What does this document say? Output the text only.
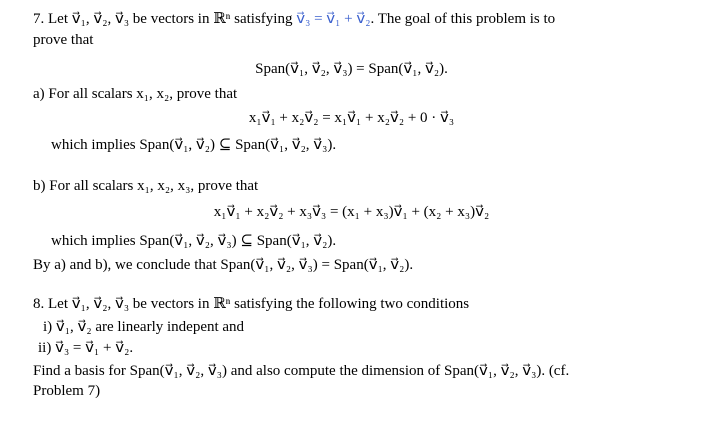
7. Let v⃗₁, v⃗₂, v⃗₃ be vectors in ℝⁿ satisfying v⃗₃ = v⃗₁ + v⃗₂. The goal of this problem is to
prove that
Span(v⃗₁, v⃗₂, v⃗₃) = Span(v⃗₁, v⃗₂).
a) For all scalars x₁, x₂, prove that
x₁v⃗₁ + x₂v⃗₂ = x₁v⃗₁ + x₂v⃗₂ + 0 · v⃗₃
which implies Span(v⃗₁, v⃗₂) ⊆ Span(v⃗₁, v⃗₂, v⃗₃).
b) For all scalars x₁, x₂, x₃, prove that
x₁v⃗₁ + x₂v⃗₂ + x₃v⃗₃ = (x₁ + x₃)v⃗₁ + (x₂ + x₃)v⃗₂
which implies Span(v⃗₁, v⃗₂, v⃗₃) ⊆ Span(v⃗₁, v⃗₂).
By a) and b), we conclude that Span(v⃗₁, v⃗₂, v⃗₃) = Span(v⃗₁, v⃗₂).
8. Let v⃗₁, v⃗₂, v⃗₃ be vectors in ℝⁿ satisfying the following two conditions
i) v⃗₁, v⃗₂ are linearly indepent and
ii) v⃗₃ = v⃗₁ + v⃗₂.
Find a basis for Span(v⃗₁, v⃗₂, v⃗₃) and also compute the dimension of Span(v⃗₁, v⃗₂, v⃗₃). (cf.
Problem 7)
